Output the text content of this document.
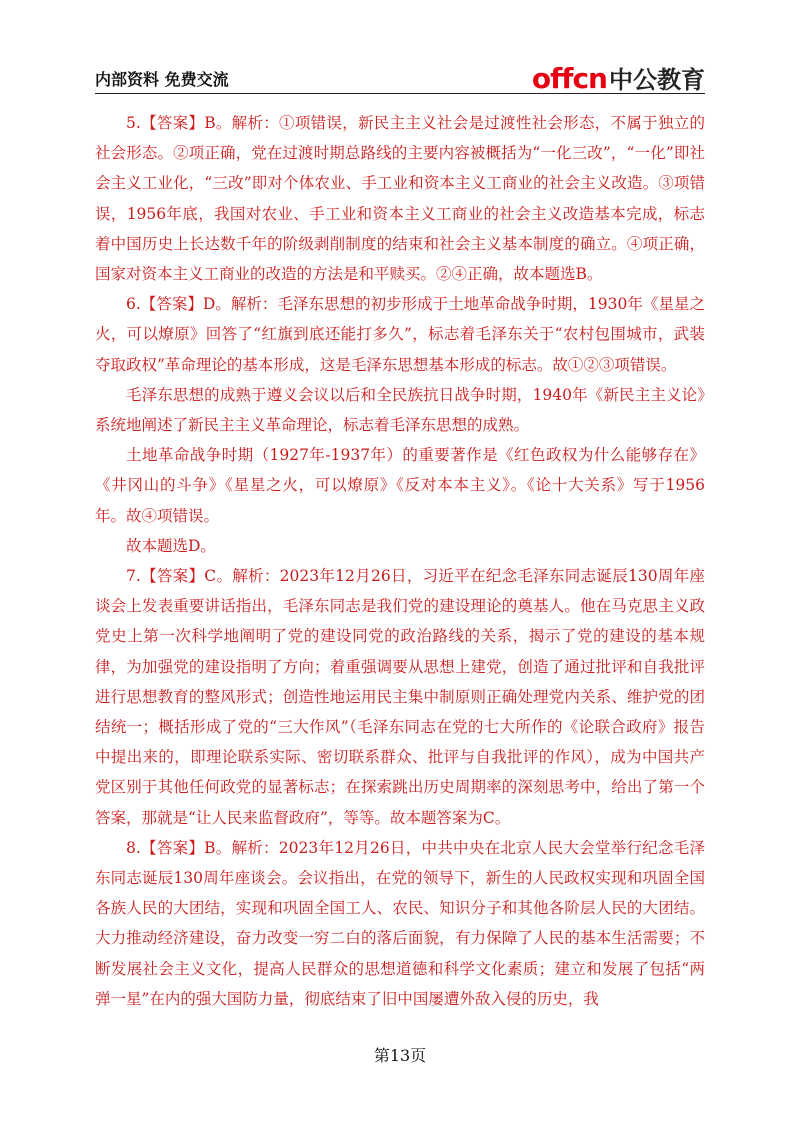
内部资料 免费交流	offcn中公教育

5.【答案】B。解析：①项错误，新民主主义社会是过渡性社会形态，不属于独立的社会形态。②项正确，党在过渡时期总路线的主要内容被概括为“一化三改”，“一化”即社会主义工业化，“三改”即对个体农业、手工业和资本主义工商业的社会主义改造。③项错误，1956年底，我国对农业、手工业和资本主义工商业的社会主义改造基本完成，标志着中国历史上长达数千年的阶级剥削制度的结束和社会主义基本制度的确立。④项正确，国家对资本主义工商业的改造的方法是和平赎买。②④正确，故本题选B。

6.【答案】D。解析：毛泽东思想的初步形成于土地革命战争时期，1930年《星星之火，可以燎原》回答了“红旗到底还能打多久”，标志着毛泽东关于“农村包围城市，武装夺取政权”革命理论的基本形成，这是毛泽东思想基本形成的标志。故①②③项错误。

毛泽东思想的成熟于遵义会议以后和全民族抗日战争时期，1940年《新民主主义论》系统地阐述了新民主主义革命理论，标志着毛泽东思想的成熟。

土地革命战争时期（1927年-1937年）的重要著作是《红色政权为什么能够存在》《井冈山的斗争》《星星之火，可以燎原》《反对本本主义》。《论十大关系》写于1956年。故④项错误。

故本题选D。

7.【答案】C。解析：2023年12月26日，习近平在纪念毛泽东同志诞辰130周年座谈会上发表重要讲话指出，毛泽东同志是我们党的建设理论的奠基人。他在马克思主义政党史上第一次科学地阐明了党的建设同党的政治路线的关系，揭示了党的建设的基本规律，为加强党的建设指明了方向；着重强调要从思想上建党，创造了通过批评和自我批评进行思想教育的整风形式；创造性地运用民主集中制原则正确处理党内关系、维护党的团结统一；概括形成了党的“三大作风”（毛泽东同志在党的七大所作的《论联合政府》报告中提出来的，即理论联系实际、密切联系群众、批评与自我批评的作风），成为中国共产党区别于其他任何政党的显著标志；在探索跳出历史周期率的深刻思考中，给出了第一个答案，那就是“让人民来监督政府”，等等。故本题答案为C。

8.【答案】B。解析：2023年12月26日，中共中央在北京人民大会堂举行纪念毛泽东同志诞辰130周年座谈会。会议指出，在党的领导下，新生的人民政权实现和巩固全国各族人民的大团结，实现和巩固全国工人、农民、知识分子和其他各阶层人民的大团结。大力推动经济建设，奋力改变一穷二白的落后面貌，有力保障了人民的基本生活需要；不断发展社会主义文化，提高人民群众的思想道德和科学文化素质；建立和发展了包括“两弹一星”在内的强大国防力量，彻底结束了旧中国屡遭外敌入侵的历史，我

第13页
